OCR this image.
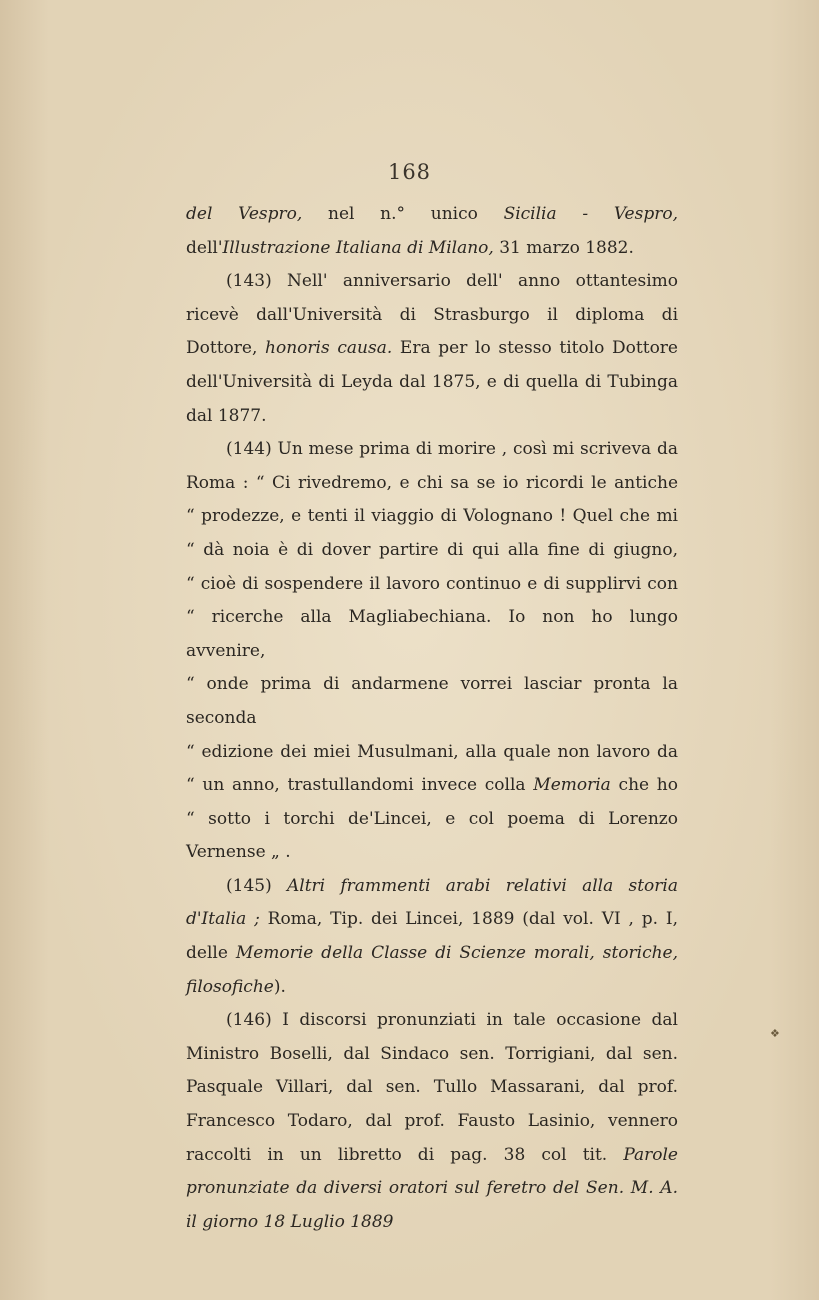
168

del Vespro, nel n.° unico Sicilia - Vespro, dell'Illustrazione Italiana di Milano, 31 marzo 1882.

(143) Nell' anniversario dell' anno ottantesimo ricevè dall'Università di Strasburgo il diploma di Dottore, honoris causa. Era per lo stesso titolo Dottore dell'Università di Leyda dal 1875, e di quella di Tubinga dal 1877.

(144) Un mese prima di morire , così mi scriveva da
Roma : “ Ci rivedremo, e chi sa se io ricordi le antiche
“ prodezze, e tenti il viaggio di Volognano ! Quel che mi
“ dà noia è di dover partire di qui alla fine di giugno,
“ cioè di sospendere il lavoro continuo e di supplirvi con
“ ricerche alla Magliabechiana. Io non ho lungo avvenire,
“ onde prima di andarmene vorrei lasciar pronta la seconda
“ edizione dei miei Musulmani, alla quale non lavoro da
“ un anno, trastullandomi invece colla Memoria che ho
“ sotto i torchi de'Lincei, e col poema di Lorenzo Vernense „ .

(145) Altri frammenti arabi relativi alla storia d'Italia ; Roma, Tip. dei Lincei, 1889 (dal vol. VI , p. I, delle Memorie della Classe di Scienze morali, storiche, filosofiche).

(146) I discorsi pronunziati in tale occasione dal Ministro Boselli, dal Sindaco sen. Torrigiani, dal sen. Pasquale Villari, dal sen. Tullo Massarani, dal prof. Francesco Todaro, dal prof. Fausto Lasinio, vennero raccolti in un libretto di pag. 38 col tit. Parole pronunziate da diversi oratori sul feretro del Sen. M. A. il giorno 18 Luglio 1889

❖
